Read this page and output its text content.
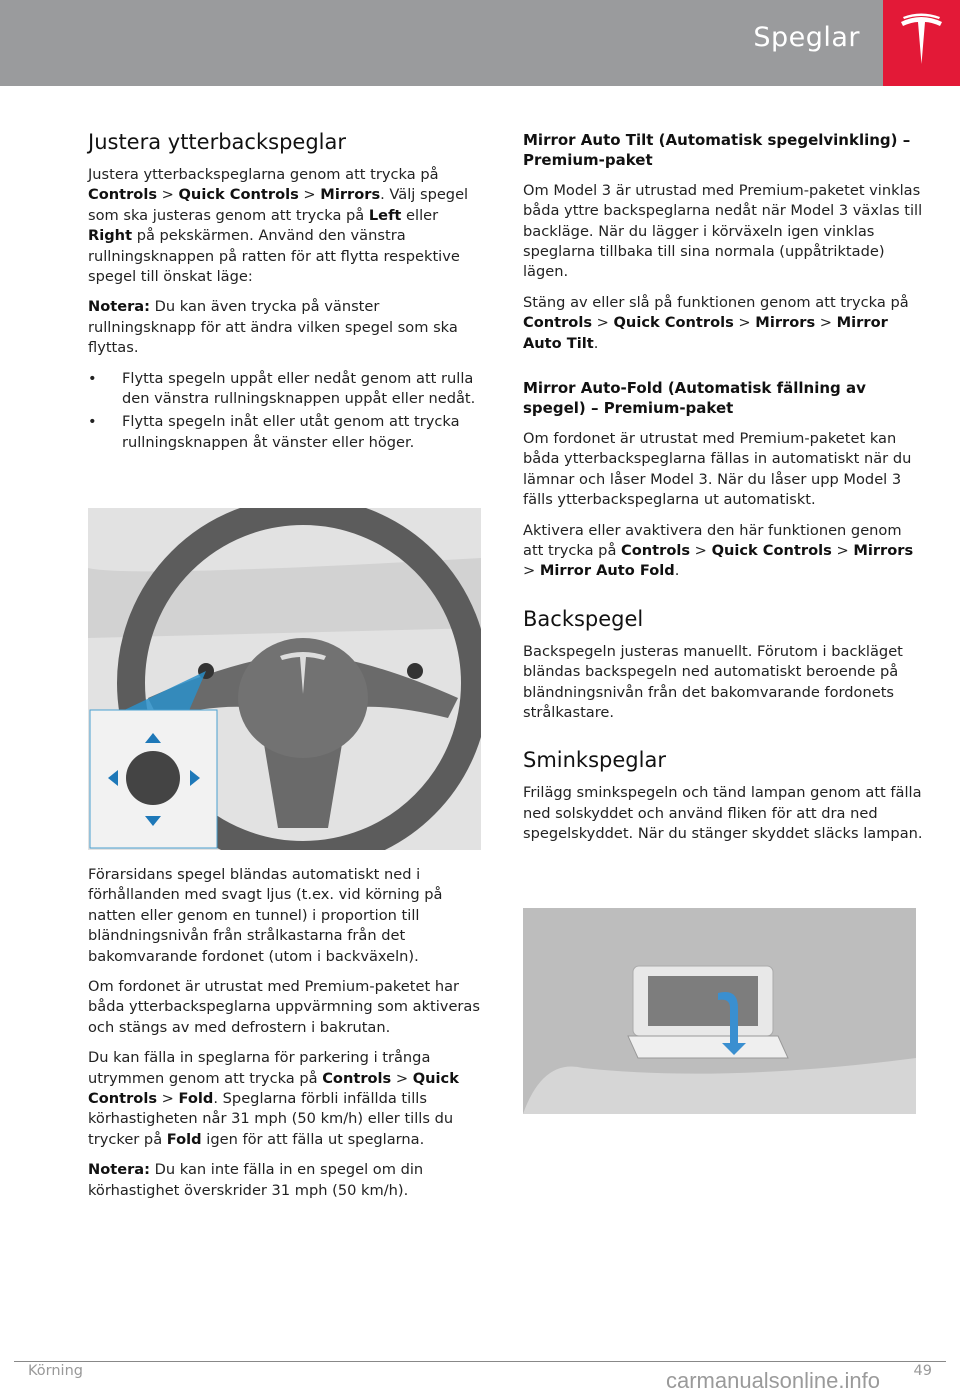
Speglar
Justera ytterbackspeglar

Justera ytterbackspeglarna genom att trycka på Controls > Quick Controls > Mirrors. Välj spegel som ska justeras genom att trycka på Left eller Right på pekskärmen. Använd den vänstra rullningsknappen på ratten för att flytta respektive spegel till önskat läge:

Notera: Du kan även trycka på vänster rullningsknapp för att ändra vilken spegel som ska flyttas.

• Flytta spegeln uppåt eller nedåt genom att rulla den vänstra rullningsknappen uppåt eller nedåt.
• Flytta spegeln inåt eller utåt genom att trycka rullningsknappen åt vänster eller höger.

Förarsidans spegel bländas automatiskt ned i förhållanden med svagt ljus (t.ex. vid körning på natten eller genom en tunnel) i proportion till bländningsnivån från strålkastarna från det bakomvarande fordonet (utom i backväxeln).

Om fordonet är utrustat med Premium-paketet har båda ytterbackspeglarna uppvärmning som aktiveras och stängs av med defrostern i bakrutan.

Du kan fälla in speglarna för parkering i trånga utrymmen genom att trycka på Controls > Quick Controls > Fold. Speglarna förbli infällda tills körhastigheten når 31 mph (50 km/h) eller tills du trycker på Fold igen för att fälla ut speglarna.

Notera: Du kan inte fälla in en spegel om din körhastighet överskrider 31 mph (50 km/h).

Mirror Auto Tilt (Automatisk spegelvinkling) – Premium-paket

Om Model 3 är utrustad med Premium-paketet vinklas båda yttre backspeglarna nedåt när Model 3 växlas till backläge. När du lägger i körväxeln igen vinklas speglarna tillbaka till sina normala (uppåtriktade) lägen.

Stäng av eller slå på funktionen genom att trycka på Controls > Quick Controls > Mirrors > Mirror Auto Tilt.

Mirror Auto-Fold (Automatisk fällning av spegel) – Premium-paket

Om fordonet är utrustat med Premium-paketet kan båda ytterbackspeglarna fällas in automatiskt när du lämnar och låser Model 3. När du låser upp Model 3 fälls ytterbackspeglarna ut automatiskt.

Aktivera eller avaktivera den här funktionen genom att trycka på Controls > Quick Controls > Mirrors > Mirror Auto Fold.

Backspegel

Backspegeln justeras manuellt. Förutom i backläget bländas backspegeln ned automatiskt beroende på bländningsnivån från det bakomvarande fordonets strålkastare.

Sminkspeglar

Frilägg sminkspegeln och tänd lampan genom att fälla ned solskyddet och använd fliken för att dra ned spegelskyddet. När du stänger skyddet släcks lampan.

Körning	49
carmanualsonline.info
